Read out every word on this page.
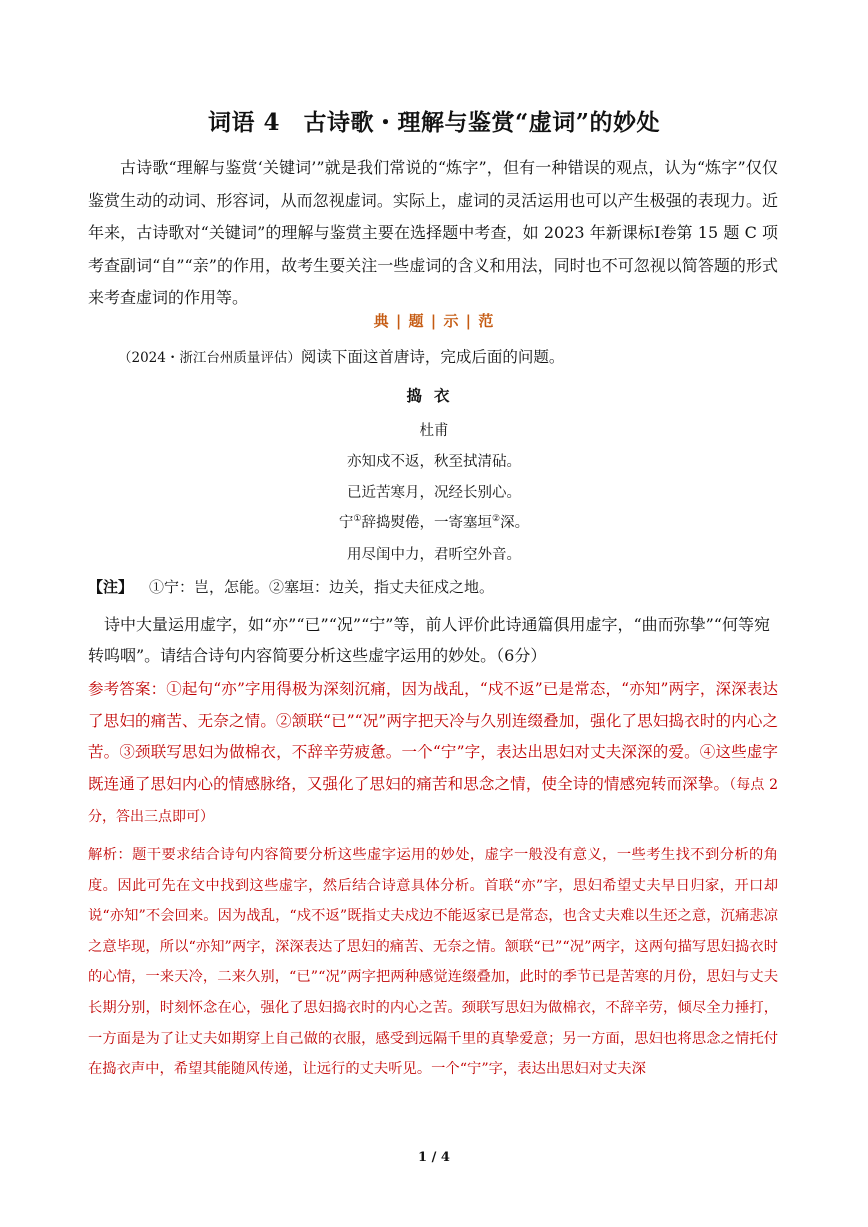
词语 4　古诗歌・理解与鉴赏“虚词”的妙处
古诗歌“理解与鉴赏‘关键词’”就是我们常说的“炼字”，但有一种错误的观点，认为“炼字”仅仅鉴赏生动的动词、形容词，从而忽视虚词。实际上，虚词的灵活运用也可以产生极强的表现力。近年来，古诗歌对“关键词”的理解与鉴赏主要在选择题中考查，如 2023 年新课标Ⅰ卷第 15 题 C 项考查副词“自”“亲”的作用，故考生要关注一些虚词的含义和用法，同时也不可忽视以简答题的形式来考查虚词的作用等。
典 | 题 | 示 | 范
（2024・浙江台州质量评估）阅读下面这首唐诗，完成后面的问题。
捣衣
杜甫
亦知戍不返，秋至拭清砧。
已近苦寒月，况经长别心。
宁①辞捣熨倦，一寄塞垣②深。
用尽闺中力，君听空外音。
【注】 ①宁：岂，怎能。②塞垣：边关，指丈夫征戍之地。
诗中大量运用虚字，如“亦”“已”“况”“宁”等，前人评价此诗通篇俱用虚字，“曲而弥挚”“何等宛转呜咽”。请结合诗句内容简要分析这些虚字运用的妙处。（6分）
参考答案：①起句“亦”字用得极为深刻沉痛，因为战乱，“戍不返”已是常态，“亦知”两字，深深表达了思妇的痛苦、无奈之情。②颔联“已”“况”两字把天冷与久别连缀叠加，强化了思妇捣衣时的内心之苦。③颈联写思妇为做棉衣，不辞辛劳疲惫。一个“宁”字，表达出思妇对丈夫深深的爱。④这些虚字既连通了思妇内心的情感脉络，又强化了思妇的痛苦和思念之情，使全诗的情感宛转而深挚。（每点 2 分，答出三点即可）
解析：题干要求结合诗句内容简要分析这些虚字运用的妙处，虚字一般没有意义，一些考生找不到分析的角度。因此可先在文中找到这些虚字，然后结合诗意具体分析。首联“亦”字，思妇希望丈夫早日归家，开口却说“亦知”不会回来。因为战乱，“戍不返”既指丈夫戍边不能返家已是常态，也含丈夫难以生还之意，沉痛悲凉之意毕现，所以“亦知”两字，深深表达了思妇的痛苦、无奈之情。颔联“已”“况”两字，这两句描写思妇捣衣时的心情，一来天冷，二来久别，“已”“况”两字把两种感觉连缀叠加，此时的季节已是苦寒的月份，思妇与丈夫长期分别，时刻怀念在心，强化了思妇捣衣时的内心之苦。颈联写思妇为做棉衣，不辞辛劳，倾尽全力捶打，一方面是为了让丈夫如期穿上自己做的衣服，感受到远隔千里的真挚爱意；另一方面，思妇也将思念之情托付在捣衣声中，希望其能随风传递，让远行的丈夫听见。一个“宁”字，表达出思妇对丈夫深
1 / 4
